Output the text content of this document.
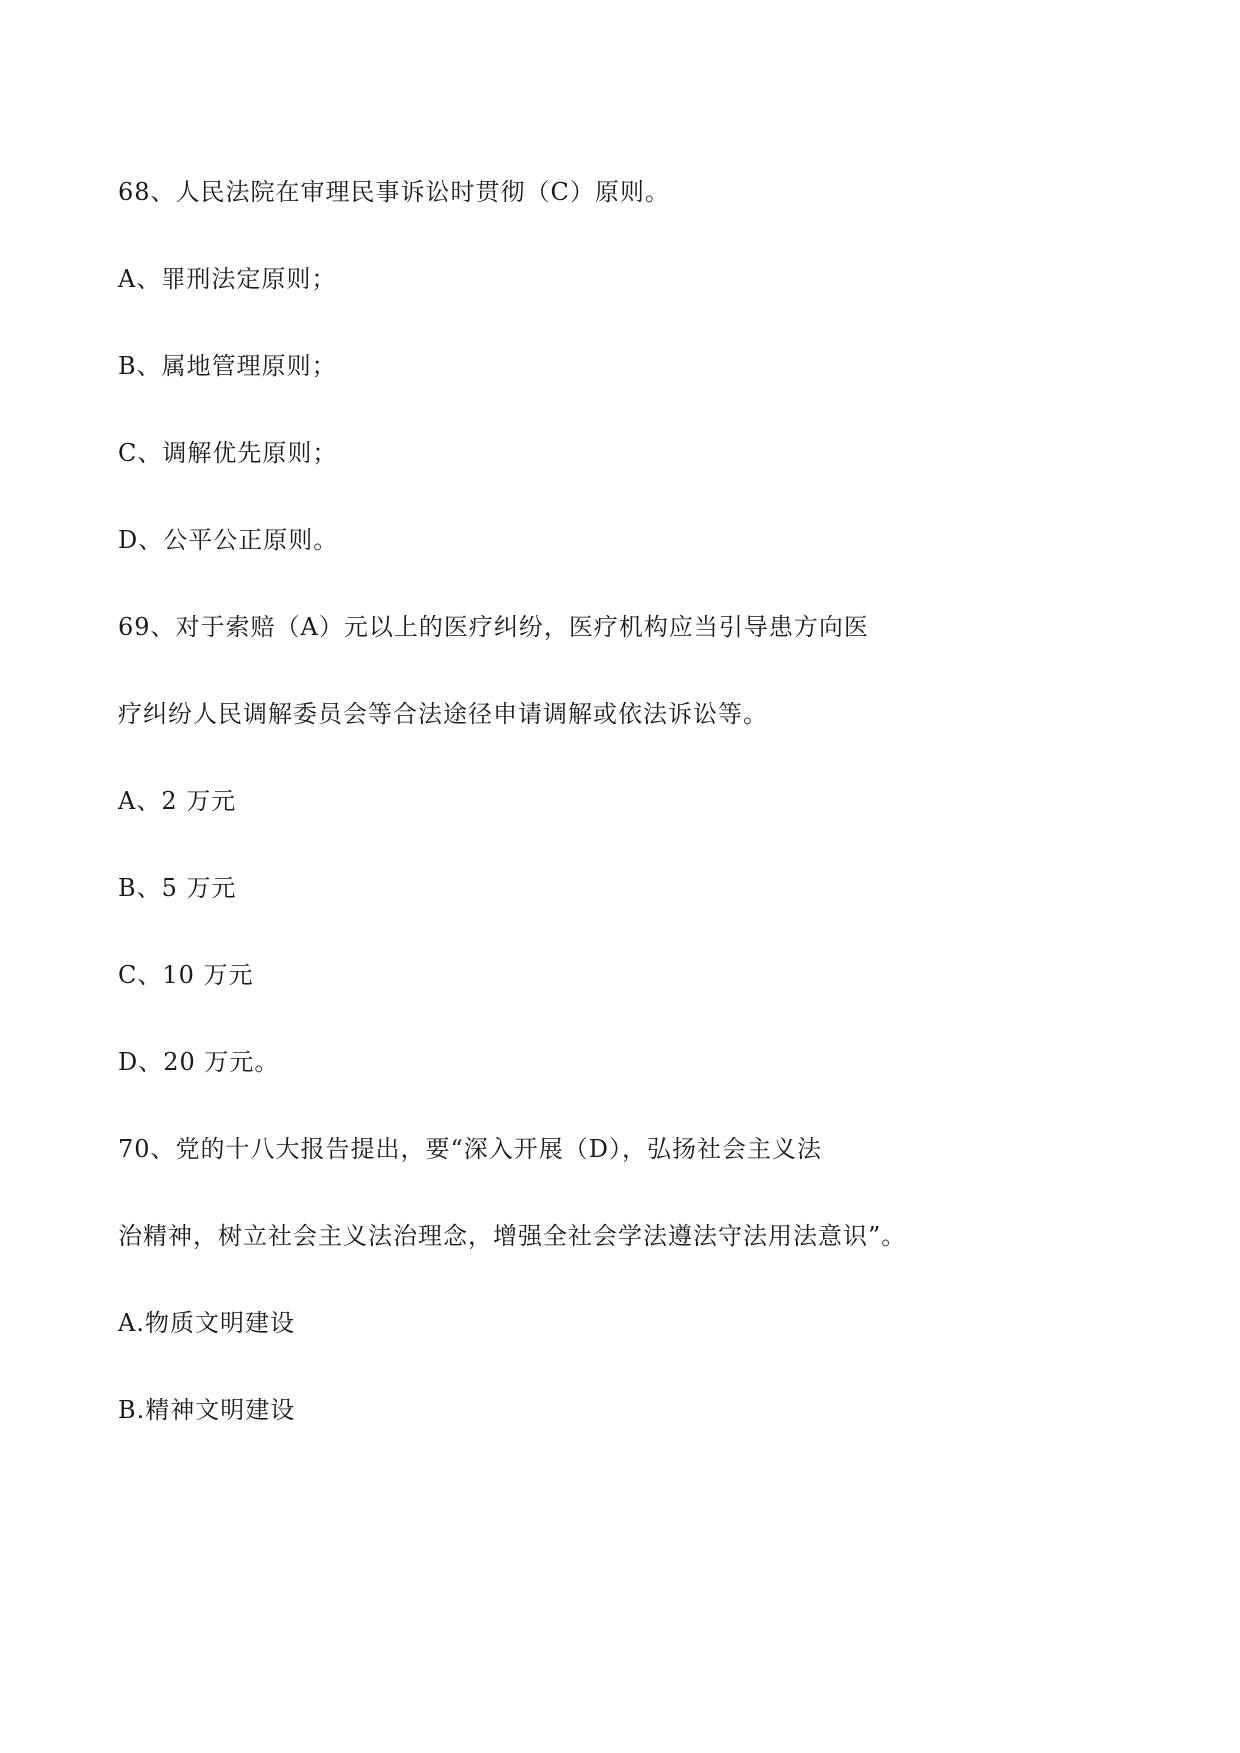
68、人民法院在审理民事诉讼时贯彻（C）原则。

A、罪刑法定原则；

B、属地管理原则；

C、调解优先原则；

D、公平公正原则。

69、对于索赔（A）元以上的医疗纠纷，医疗机构应当引导患方向医

疗纠纷人民调解委员会等合法途径申请调解或依法诉讼等。

A、2 万元

B、5 万元

C、10 万元

D、20 万元。

70、党的十八大报告提出，要“深入开展（D），弘扬社会主义法

治精神，树立社会主义法治理念，增强全社会学法遵法守法用法意识”。

A.物质文明建设

B.精神文明建设
